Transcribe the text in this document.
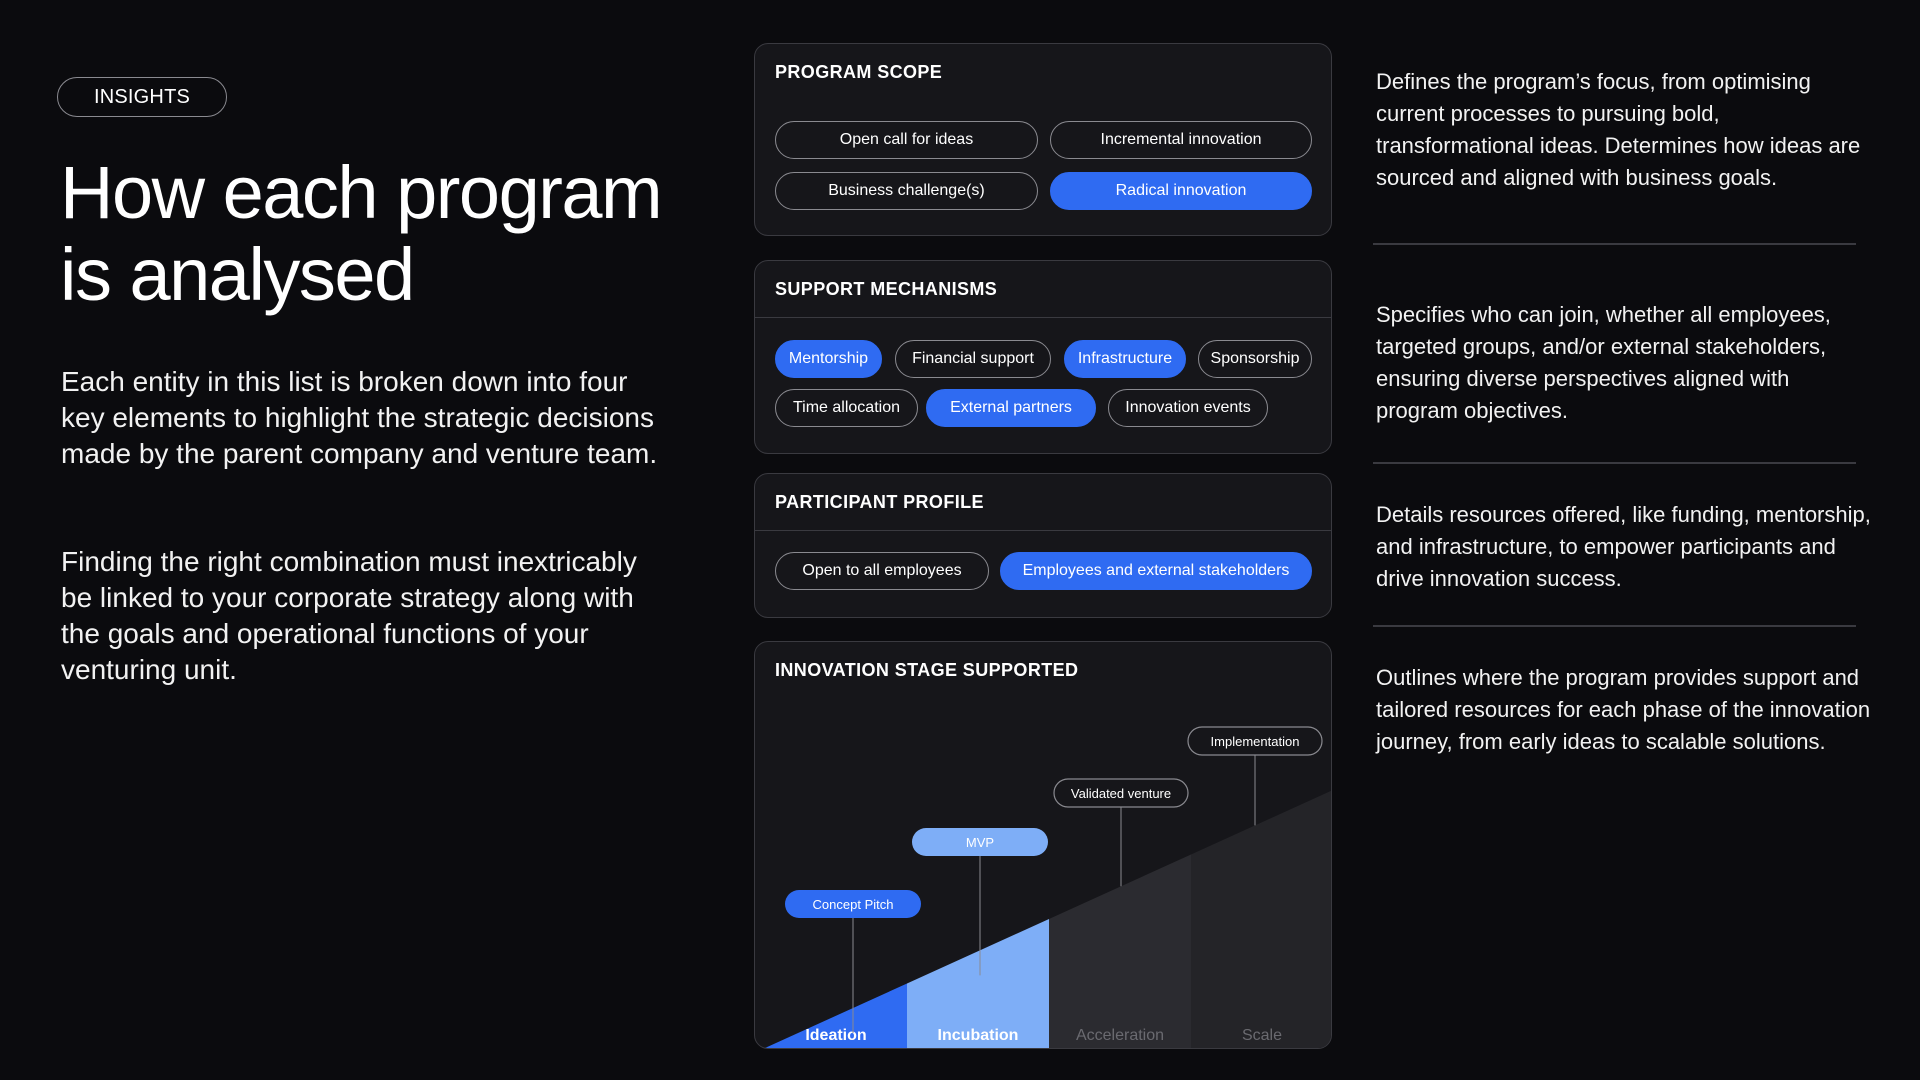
INSIGHTS
How each program
is analysed

Each entity in this list is broken down into four key elements to highlight the strategic decisions made by the parent company and venture team.

Finding the right combination must inextricably be linked to your corporate strategy along with the goals and operational functions of your venturing unit.

PROGRAM SCOPE
Open call for ideas	Incremental innovation
Business challenge(s)	Radical innovation
SUPPORT MECHANISMS
Mentorship	Financial support	Infrastructure	Sponsorship
Time allocation	External partners	Innovation events
PARTICIPANT PROFILE
Open to all employees	Employees and external stakeholders
INNOVATION STAGE SUPPORTED
Ideation
Concept Pitch
Incubation
MVP
Acceleration
Validated venture
Scale
Implementation

Defines the program’s focus, from optimising current processes to pursuing bold, transformational ideas. Determines how ideas are sourced and aligned with business goals.

Specifies who can join, whether all employees, targeted groups, and/or external stakeholders, ensuring diverse perspectives aligned with program objectives.

Details resources offered, like funding, mentorship, and infrastructure, to empower participants and drive innovation success.

Outlines where the program provides support and tailored resources for each phase of the innovation journey, from early ideas to scalable solutions.
